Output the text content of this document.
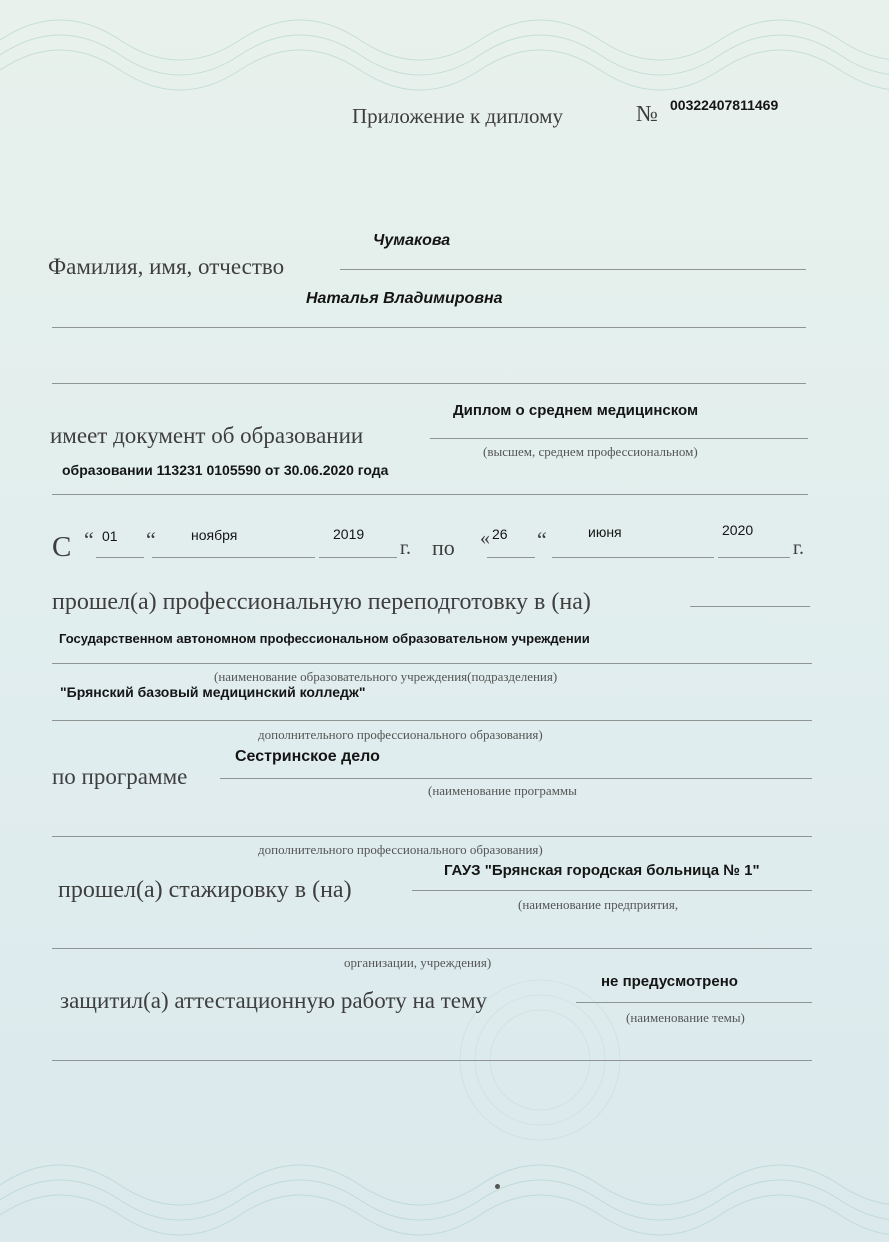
Приложение к диплому	№ 00322407811469
Чумакова
Фамилия, имя, отчество
Наталья Владимировна
Диплом о среднем медицинском
имеет документ об образовании
(высшем, среднем профессиональном)
образовании 113231 0105590 от 30.06.2020 года
С “ 01 “	ноября	2019
г. по « 26 “	июня	2020
г.
прошел(а) профессиональную переподготовку в (на)
Государственном автономном профессиональном образовательном учреждении
(наименование образовательного учреждения(подразделения)
"Брянский базовый медицинский колледж"
дополнительного профессионального образования)
Сестринское дело
по программе
(наименование программы
дополнительного профессионального образования)
ГАУЗ "Брянская городская больница № 1"
прошел(а) стажировку в (на)
(наименование предприятия,
организации, учреждения)
не предусмотрено
защитил(а) аттестационную работу на тему
(наименование темы)
